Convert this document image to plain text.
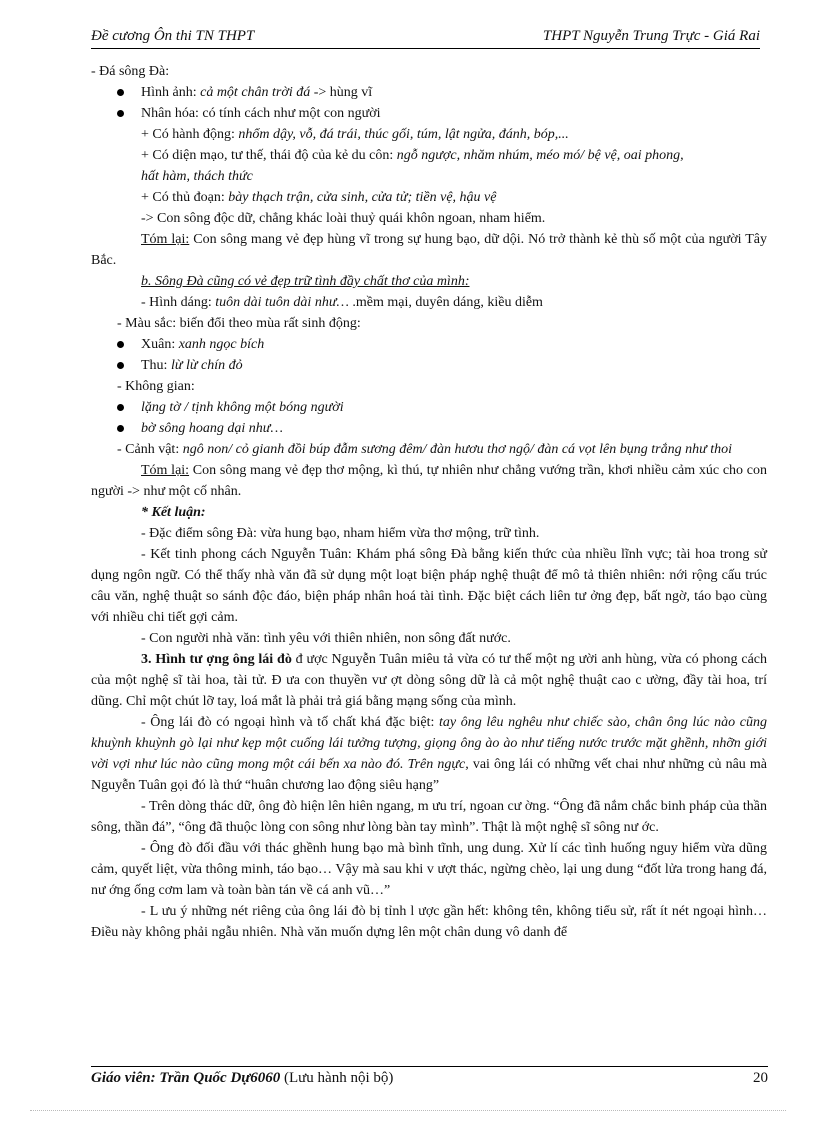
Đề cương Ôn thi TN THPT	THPT Nguyễn Trung Trực - Giá Rai
- Đá sông Đà:
Hình ảnh: cả một chân trời đá -> hùng vĩ
Nhân hóa: có tính cách như một con người
+ Có hành động: nhổm dậy, vỗ, đá trái, thúc gối, túm, lật ngửa, đánh, bóp,...
+ Có diện mạo, tư thế, thái độ của kẻ du côn: ngỗ ngược, nhăm nhúm, méo mó/ bệ vệ, oai phong,
hất hàm, thách thức
+ Có thủ đoạn: bày thạch trận, cửa sinh, cửa tử; tiền vệ, hậu vệ
-> Con sông độc dữ, chẳng khác loài thuỷ quái khôn ngoan, nham hiểm.
Tóm lại: Con sông mang vẻ đẹp hùng vĩ trong sự hung bạo, dữ dội. Nó trở thành kẻ thù số một của người Tây Bắc.
b. Sông Đà cũng có vẻ đẹp trữ tình đầy chất thơ của mình:
- Hình dáng: tuôn dài tuôn dài như… .mềm mại, duyên dáng, kiều diễm
- Màu sắc: biến đổi theo mùa rất sinh động:
Xuân: xanh ngọc bích
Thu: lừ lừ chín đỏ
- Không gian:
lặng tờ / tịnh không một bóng người
bờ sông hoang dại như…
- Cảnh vật: ngô non/ cỏ gianh đồi búp đẫm sương đêm/ đàn hươu thơ ngộ/ đàn cá vọt lên bụng trắng như thoi
Tóm lại: Con sông mang vẻ đẹp thơ mộng, kì thú, tự nhiên như chẳng vướng trần, khơi nhiều cảm xúc cho con người -> như một cố nhân.
* Kết luận:
- Đặc điểm sông Đà: vừa hung bạo, nham hiểm vừa thơ mộng, trữ tình.
- Kết tinh phong cách Nguyễn Tuân: Khám phá sông Đà bằng kiến thức của nhiều lĩnh vực; tài hoa trong sử dụng ngôn ngữ. Có thể thấy nhà văn đã sử dụng một loạt biện pháp nghệ thuật để mô tả thiên nhiên: nới rộng cấu trúc câu văn, nghệ thuật so sánh độc đáo, biện pháp nhân hoá tài tình. Đặc biệt cách liên tư ởng đẹp, bất ngờ, táo bạo cùng với nhiều chi tiết gợi cảm.
- Con người nhà văn: tình yêu với thiên nhiên, non sông đất nước.
3. Hình tư ợng ông lái đò đ ược Nguyễn Tuân miêu tả vừa có tư thế một ng ười anh hùng, vừa có phong cách của một nghệ sĩ tài hoa, tài tử. Đ ưa con thuyền vư ợt dòng sông dữ là cả một nghệ thuật cao c ường, đầy tài hoa, trí dũng. Chỉ một chút lỡ tay, loá mắt là phải trả giá bằng mạng sống của mình.
- Ông lái đò có ngoại hình và tố chất khá đặc biệt: tay ông lêu nghêu như chiếc sào, chân ông lúc nào cũng khuỳnh khuỳnh gò lại như kẹp một cuống lái tưởng tượng, giọng ông ào ào như tiếng nước trước mặt ghềnh, nhỡn giới vời vợi như lúc nào cũng mong một cái bến xa nào đó. Trên ngực, vai ông lái có những vết chai như những củ nâu mà Nguyễn Tuân gọi đó là thứ “huân chương lao động siêu hạng”
- Trên dòng thác dữ, ông đò hiện lên hiên ngang, m ưu trí, ngoan cư ờng. “Ông đã nắm chắc binh pháp của thần sông, thần đá”, “ông đã thuộc lòng con sông như lòng bàn tay mình”. Thật là một nghệ sĩ sông nư ớc.
- Ông đò đối đầu với thác ghềnh hung bạo mà bình tĩnh, ung dung. Xử lí các tình huống nguy hiểm vừa dũng cảm, quyết liệt, vừa thông minh, táo bạo… Vậy mà sau khi v ượt thác, ngừng chèo, lại ung dung “đốt lửa trong hang đá, nư ớng ống cơm lam và toàn bàn tán về cá anh vũ…”
- L ưu ý những nét riêng của ông lái đò bị tỉnh l ược gần hết: không tên, không tiểu sử, rất ít nét ngoại hình… Điều này không phải ngẫu nhiên. Nhà văn muốn dựng lên một chân dung vô danh để
Giáo viên: Trần Quốc Dự6060 (Lưu hành nội bộ)	20
